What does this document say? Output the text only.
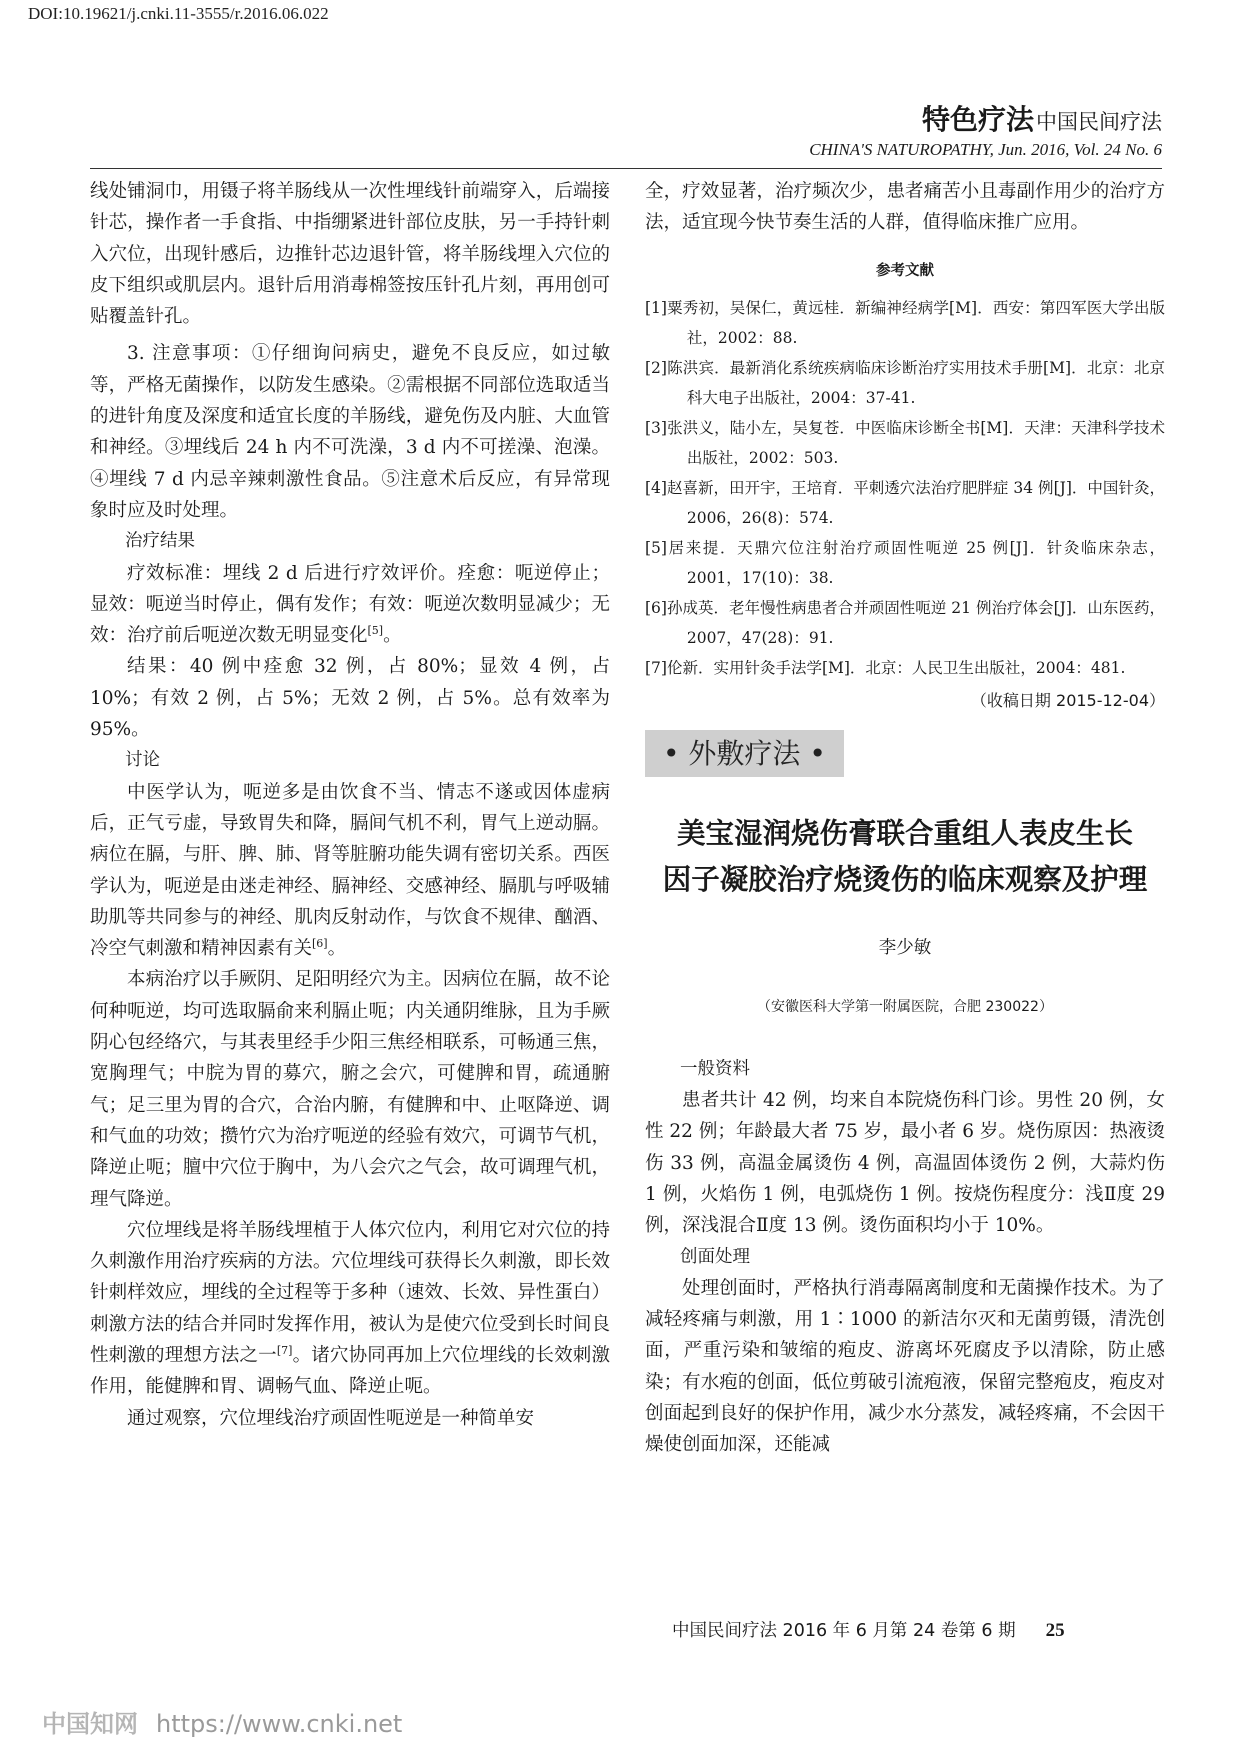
DOI:10.19621/j.cnki.11-3555/r.2016.06.022
特色疗法中国民间疗法
CHINA'S NATUROPATHY, Jun. 2016, Vol. 24 No. 6

线处铺洞巾，用镊子将羊肠线从一次性埋线针前端穿入，后端接针芯，操作者一手食指、中指绷紧进针部位皮肤，另一手持针刺入穴位，出现针感后，边推针芯边退针管，将羊肠线埋入穴位的皮下组织或肌层内。退针后用消毒棉签按压针孔片刻，再用创可贴覆盖针孔。

3. 注意事项：①仔细询问病史，避免不良反应，如过敏等，严格无菌操作，以防发生感染。②需根据不同部位选取适当的进针角度及深度和适宜长度的羊肠线，避免伤及内脏、大血管和神经。③埋线后 24 h 内不可洗澡，3 d 内不可搓澡、泡澡。④埋线 7 d 内忌辛辣刺激性食品。⑤注意术后反应，有异常现象时应及时处理。

治疗结果

疗效标准：埋线 2 d 后进行疗效评价。痊愈：呃逆停止；显效：呃逆当时停止，偶有发作；有效：呃逆次数明显减少；无效：治疗前后呃逆次数无明显变化[5]。

结果：40 例中痊愈 32 例，占 80%；显效 4 例，占 10%；有效 2 例，占 5%；无效 2 例，占 5%。总有效率为 95%。

讨论

中医学认为，呃逆多是由饮食不当、情志不遂或因体虚病后，正气亏虚，导致胃失和降，膈间气机不利，胃气上逆动膈。病位在膈，与肝、脾、肺、肾等脏腑功能失调有密切关系。西医学认为，呃逆是由迷走神经、膈神经、交感神经、膈肌与呼吸辅助肌等共同参与的神经、肌肉反射动作，与饮食不规律、酗酒、冷空气刺激和精神因素有关[6]。

本病治疗以手厥阴、足阳明经穴为主。因病位在膈，故不论何种呃逆，均可选取膈俞来利膈止呃；内关通阴维脉，且为手厥阴心包经络穴，与其表里经手少阳三焦经相联系，可畅通三焦，宽胸理气；中脘为胃的募穴，腑之会穴，可健脾和胃，疏通腑气；足三里为胃的合穴，合治内腑，有健脾和中、止呕降逆、调和气血的功效；攒竹穴为治疗呃逆的经验有效穴，可调节气机，降逆止呃；膻中穴位于胸中，为八会穴之气会，故可调理气机，理气降逆。

穴位埋线是将羊肠线埋植于人体穴位内，利用它对穴位的持久刺激作用治疗疾病的方法。穴位埋线可获得长久刺激，即长效针刺样效应，埋线的全过程等于多种（速效、长效、异性蛋白）刺激方法的结合并同时发挥作用，被认为是使穴位受到长时间良性刺激的理想方法之一[7]。诸穴协同再加上穴位埋线的长效刺激作用，能健脾和胃、调畅气血、降逆止呃。

通过观察，穴位埋线治疗顽固性呃逆是一种简单安

全，疗效显著，治疗频次少，患者痛苦小且毒副作用少的治疗方法，适宜现今快节奏生活的人群，值得临床推广应用。

参考文献
[1]粟秀初，吴保仁，黄远桂．新编神经病学[M]．西安：第四军医大学出版社，2002：88.
[2]陈洪宾．最新消化系统疾病临床诊断治疗实用技术手册[M]．北京：北京科大电子出版社，2004：37-41.
[3]张洪义，陆小左，吴复苍．中医临床诊断全书[M]．天津：天津科学技术出版社，2002：503.
[4]赵喜新，田开宇，王培育．平刺透穴法治疗肥胖症 34 例[J]．中国针灸，2006，26(8)：574.
[5]居来提．天鼎穴位注射治疗顽固性呃逆 25 例[J]．针灸临床杂志，2001，17(10)：38.
[6]孙成英．老年慢性病患者合并顽固性呃逆 21 例治疗体会[J]．山东医药，2007，47(28)：91.
[7]伦新．实用针灸手法学[M]．北京：人民卫生出版社，2004：481.
（收稿日期 2015-12-04）
• 外敷疗法 •
美宝湿润烧伤膏联合重组人表皮生长
因子凝胶治疗烧烫伤的临床观察及护理
李少敏
（安徽医科大学第一附属医院，合肥 230022）

一般资料

患者共计 42 例，均来自本院烧伤科门诊。男性 20 例，女性 22 例；年龄最大者 75 岁，最小者 6 岁。烧伤原因：热液烫伤 33 例，高温金属烫伤 4 例，高温固体烫伤 2 例，大蒜灼伤 1 例，火焰伤 1 例，电弧烧伤 1 例。按烧伤程度分：浅Ⅱ度 29 例，深浅混合Ⅱ度 13 例。烫伤面积均小于 10%。

创面处理

处理创面时，严格执行消毒隔离制度和无菌操作技术。为了减轻疼痛与刺激，用 1∶1000 的新洁尔灭和无菌剪镊，清洗创面，严重污染和皱缩的疱皮、游离坏死腐皮予以清除，防止感染；有水疱的创面，低位剪破引流疱液，保留完整疱皮，疱皮对创面起到良好的保护作用，减少水分蒸发，减轻疼痛，不会因干燥使创面加深，还能减

中国民间疗法 2016 年 6 月第 24 卷第 6 期 25
中国知网 https://www.cnki.net
